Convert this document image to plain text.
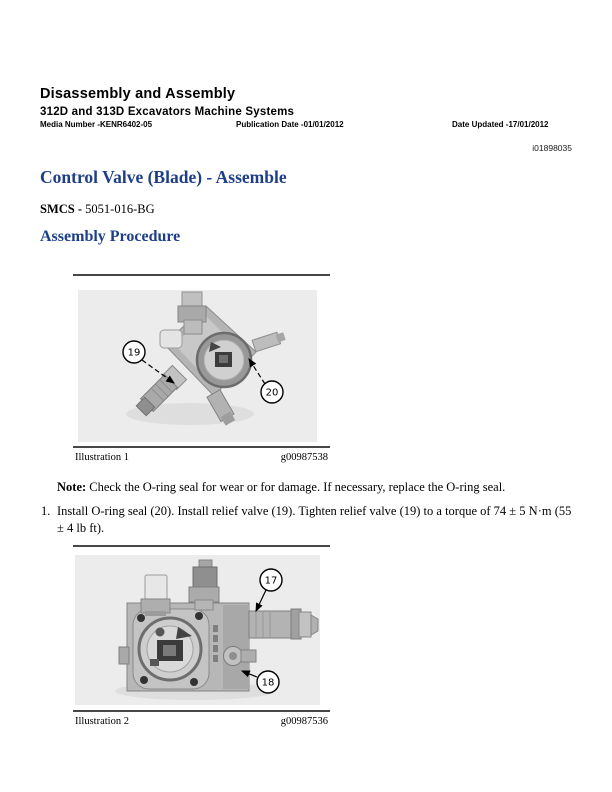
Disassembly and Assembly
312D and 313D Excavators Machine Systems
Media Number -KENR6402-05	Publication Date -01/01/2012	Date Updated -17/01/2012
i01898035
Control Valve (Blade) - Assemble
SMCS - 5051-016-BG
Assembly Procedure
19
20
Illustration 1	g00987538

Note: Check the O-ring seal for wear or for damage. If necessary, replace the O-ring seal.

1. Install O-ring seal (20). Install relief valve (19). Tighten relief valve (19) to a torque of 74 ± 5 N·m (55 ± 4 lb ft).
17
18
Illustration 2	g00987536
